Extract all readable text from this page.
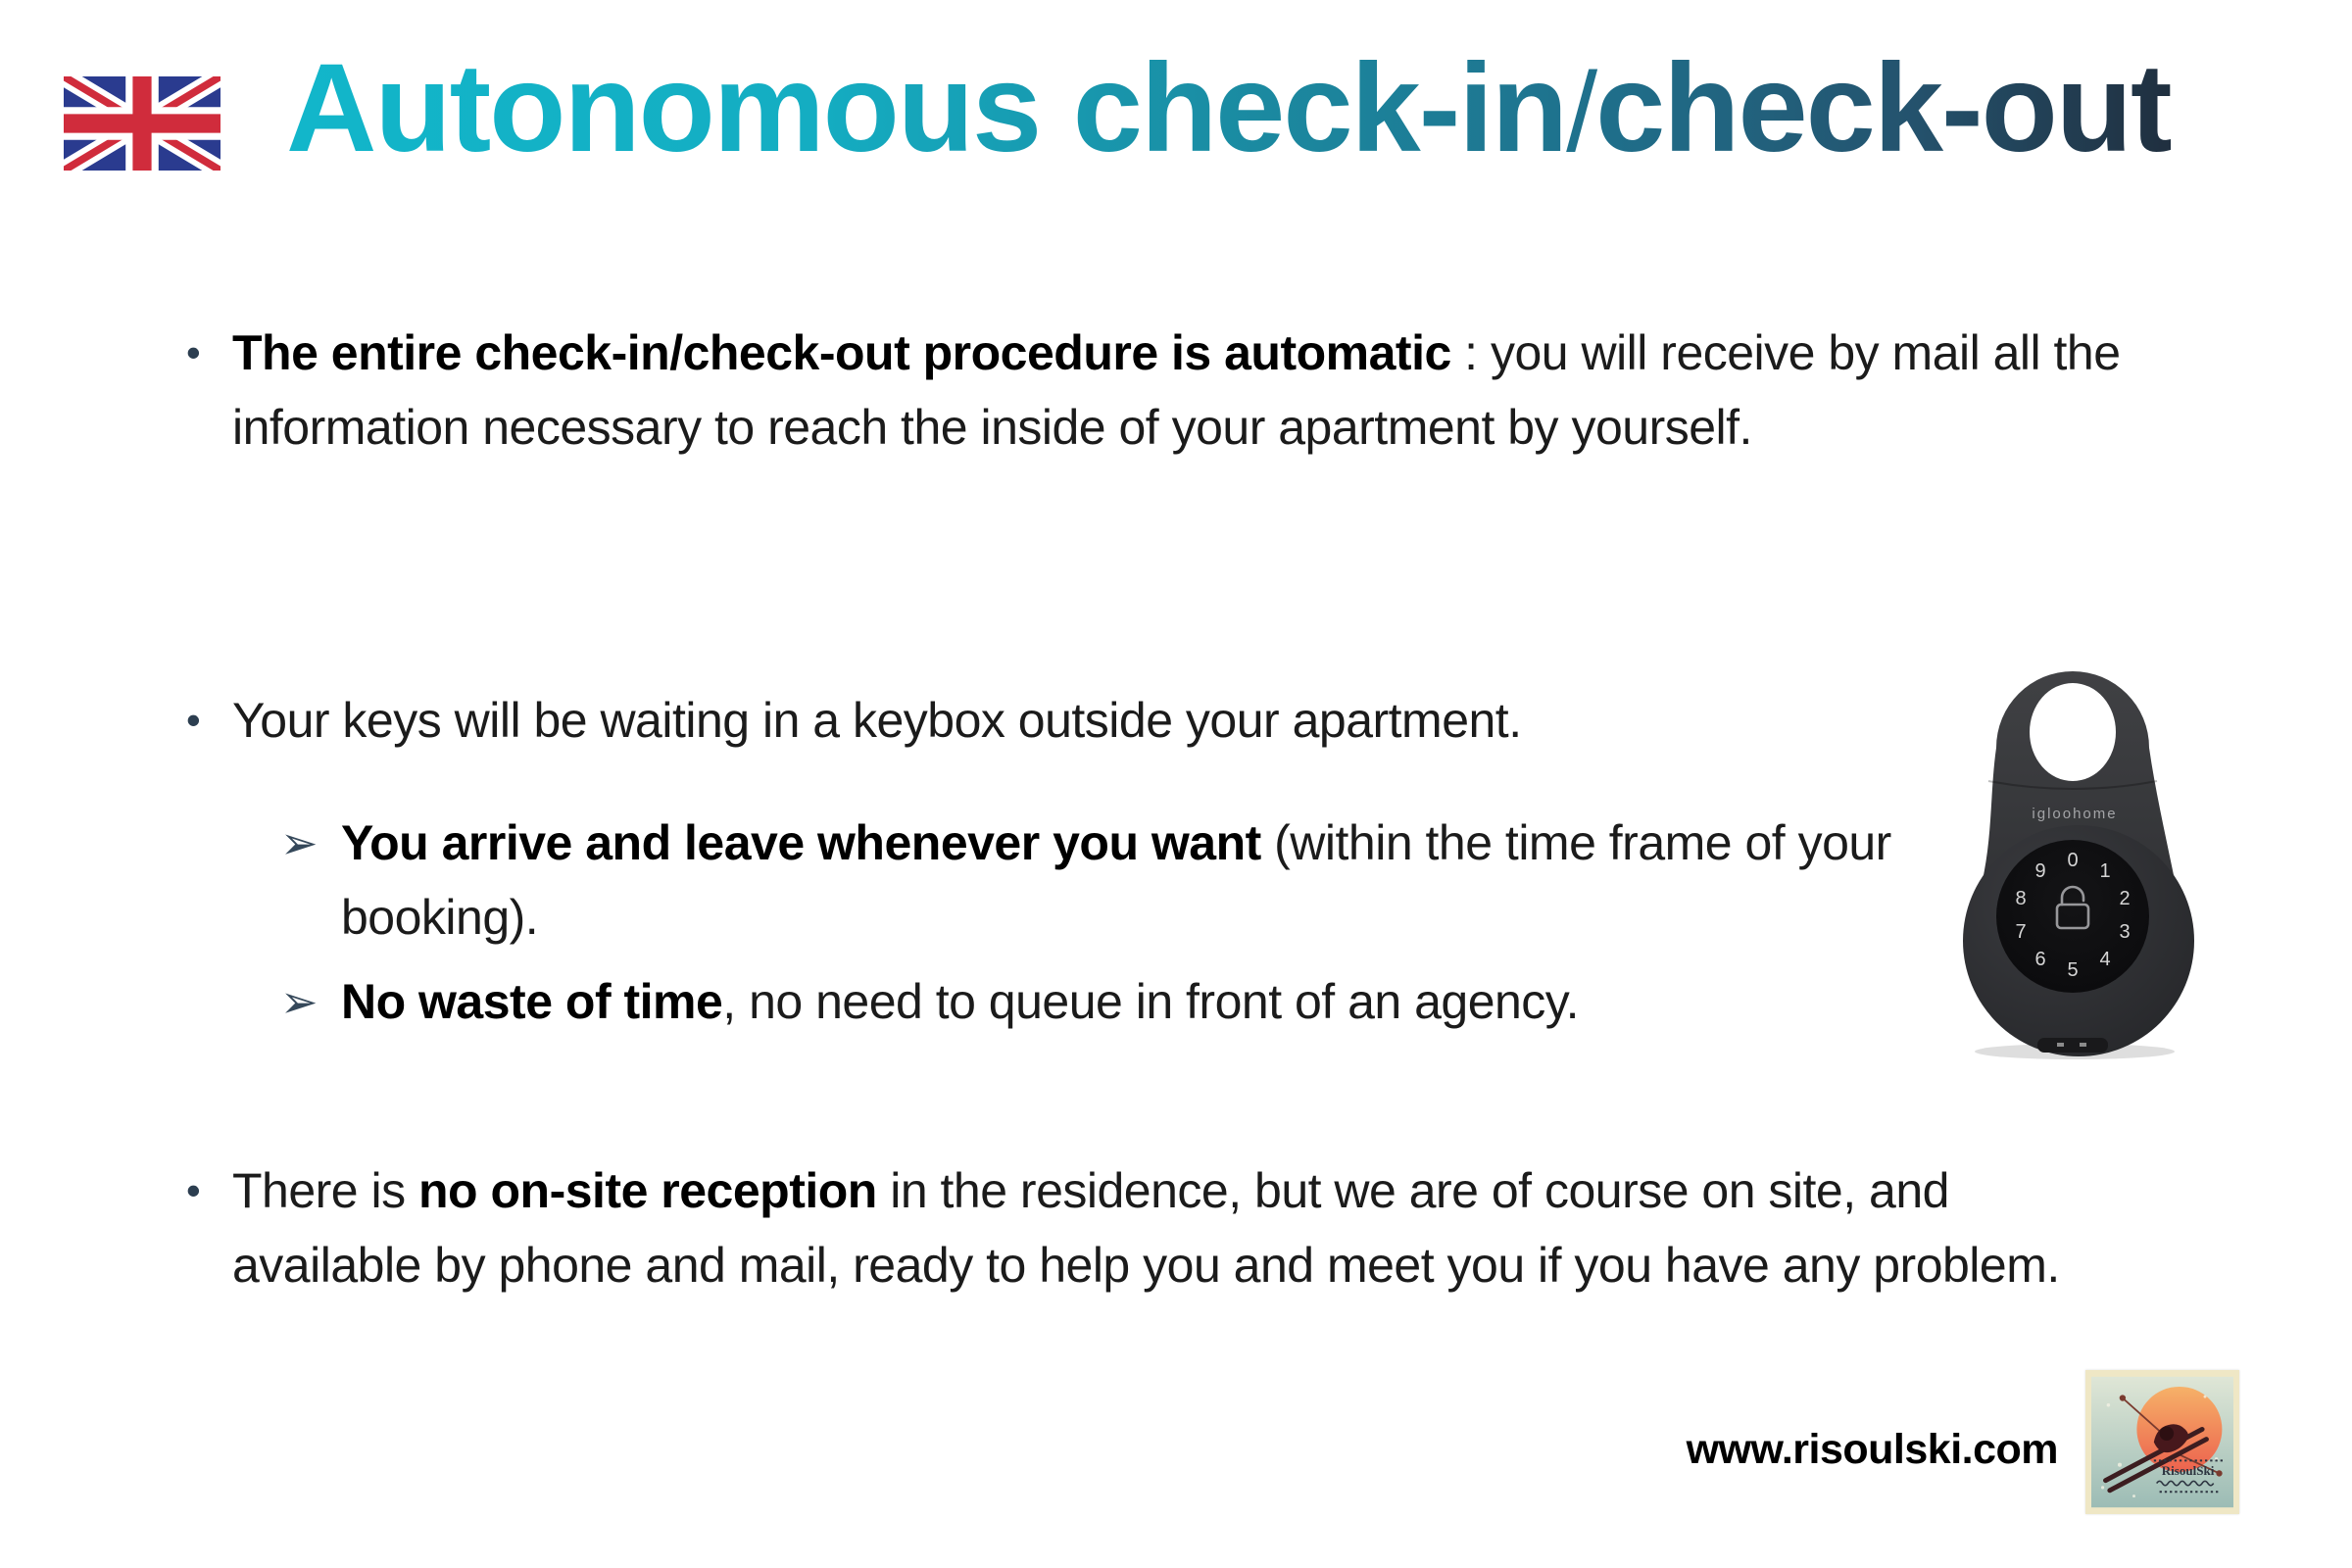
Autonomous check-in/check-out
• The entire check-in/check-out procedure is automatic : you will receive by mail all the information necessary to reach the inside of your apartment by yourself.
• Your keys will be waiting in a keybox outside your apartment.
➢ You arrive and leave whenever you want (within the time frame of your booking).
➢ No waste of time, no need to queue in front of an agency.
• There is no on-site reception in the residence, but we are of course on site, and available by phone and mail, ready to help you and meet you if you have any problem.
igloohome
0 1
2
3
4
5
6
7
8
9
www.risoulski.com	RisoulSki
